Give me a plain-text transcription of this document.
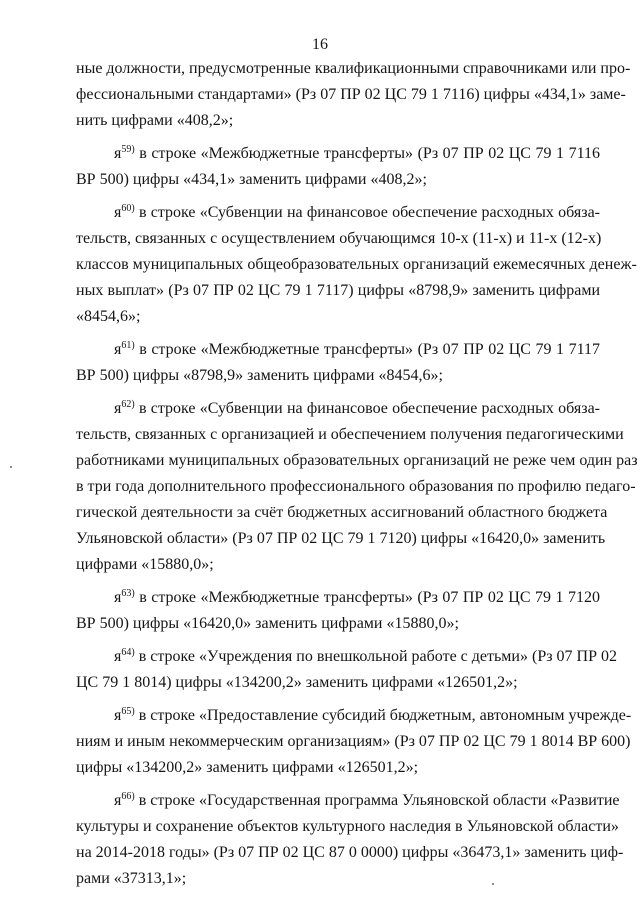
16
ные должности, предусмотренные квалификационными справочниками или про-
фессиональными стандартами» (Рз 07 ПР 02 ЦС 79 1 7116) цифры «434,1» заме-
нить цифрами «408,2»;
$я^{59)}$ в строке «Межбюджетные трансферты» (Рз 07 ПР 02 ЦС 79 1 7116
ВР 500) цифры «434,1» заменить цифрами «408,2»;
$я^{60)}$ в строке «Субвенции на финансовое обеспечение расходных обяза-
тельств, связанных с осуществлением обучающимся 10-х (11-х) и 11-х (12-х)
классов муниципальных общеобразовательных организаций ежемесячных денеж-
ных выплат» (Рз 07 ПР 02 ЦС 79 1 7117) цифры «8798,9» заменить цифрами
«8454,6»;
$я^{61)}$ в строке «Межбюджетные трансферты» (Рз 07 ПР 02 ЦС 79 1 7117
ВР 500) цифры «8798,9» заменить цифрами «8454,6»;
$я^{62)}$ в строке «Субвенции на финансовое обеспечение расходных обяза-
тельств, связанных с организацией и обеспечением получения педагогическими
работниками муниципальных образовательных организаций не реже чем один раз
в три года дополнительного профессионального образования по профилю педаго-
гической деятельности за счёт бюджетных ассигнований областного бюджета
Ульяновской области» (Рз 07 ПР 02 ЦС 79 1 7120) цифры «16420,0» заменить
цифрами «15880,0»;
$я^{63)}$ в строке «Межбюджетные трансферты» (Рз 07 ПР 02 ЦС 79 1 7120
ВР 500) цифры «16420,0» заменить цифрами «15880,0»;
$я^{64)}$ в строке «Учреждения по внешкольной работе с детьми» (Рз 07 ПР 02
ЦС 79 1 8014) цифры «134200,2» заменить цифрами «126501,2»;
$я^{65)}$ в строке «Предоставление субсидий бюджетным, автономным учрежде-
ниям и иным некоммерческим организациям» (Рз 07 ПР 02 ЦС 79 1 8014 ВР 600)
цифры «134200,2» заменить цифрами «126501,2»;
$я^{66)}$ в строке «Государственная программа Ульяновской области «Развитие
культуры и сохранение объектов культурного наследия в Ульяновской области»
на 2014-2018 годы» (Рз 07 ПР 02 ЦС 87 0 0000) цифры «36473,1» заменить циф-
рами «37313,1»;
